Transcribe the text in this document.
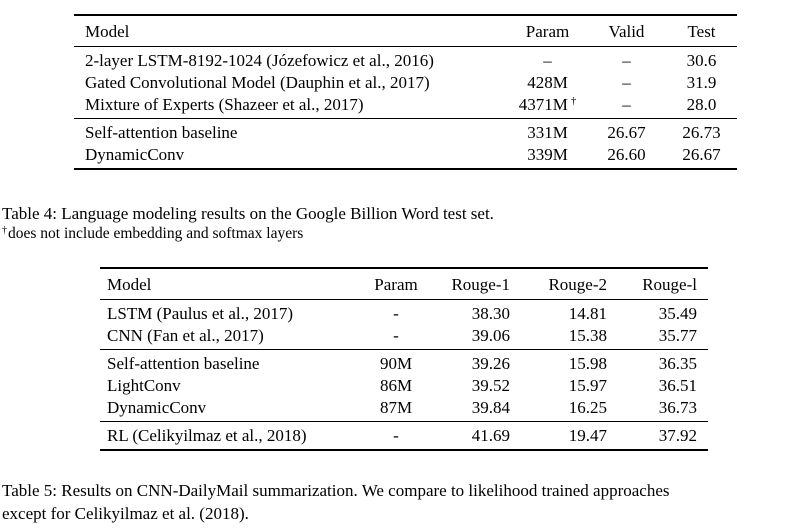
Model	Param	Valid	Test
2-layer LSTM-8192-1024 (Józefowicz et al., 2016)	–	–	30.6
Gated Convolutional Model (Dauphin et al., 2017)	428M	–	31.9
Mixture of Experts (Shazeer et al., 2017)	4371M †	–	28.0
Self-attention baseline	331M	26.67	26.73
DynamicConv	339M	26.60	26.67
Table 4: Language modeling results on the Google Billion Word test set.
†does not include embedding and softmax layers
Model	Param	Rouge-1	Rouge-2	Rouge-l
LSTM (Paulus et al., 2017)	-	38.30	14.81	35.49
CNN (Fan et al., 2017)	-	39.06	15.38	35.77
Self-attention baseline	90M	39.26	15.98	36.35
LightConv	86M	39.52	15.97	36.51
DynamicConv	87M	39.84	16.25	36.73
RL (Celikyilmaz et al., 2018)	-	41.69	19.47	37.92
Table 5: Results on CNN-DailyMail summarization. We compare to likelihood trained approaches
except for Celikyilmaz et al. (2018).
